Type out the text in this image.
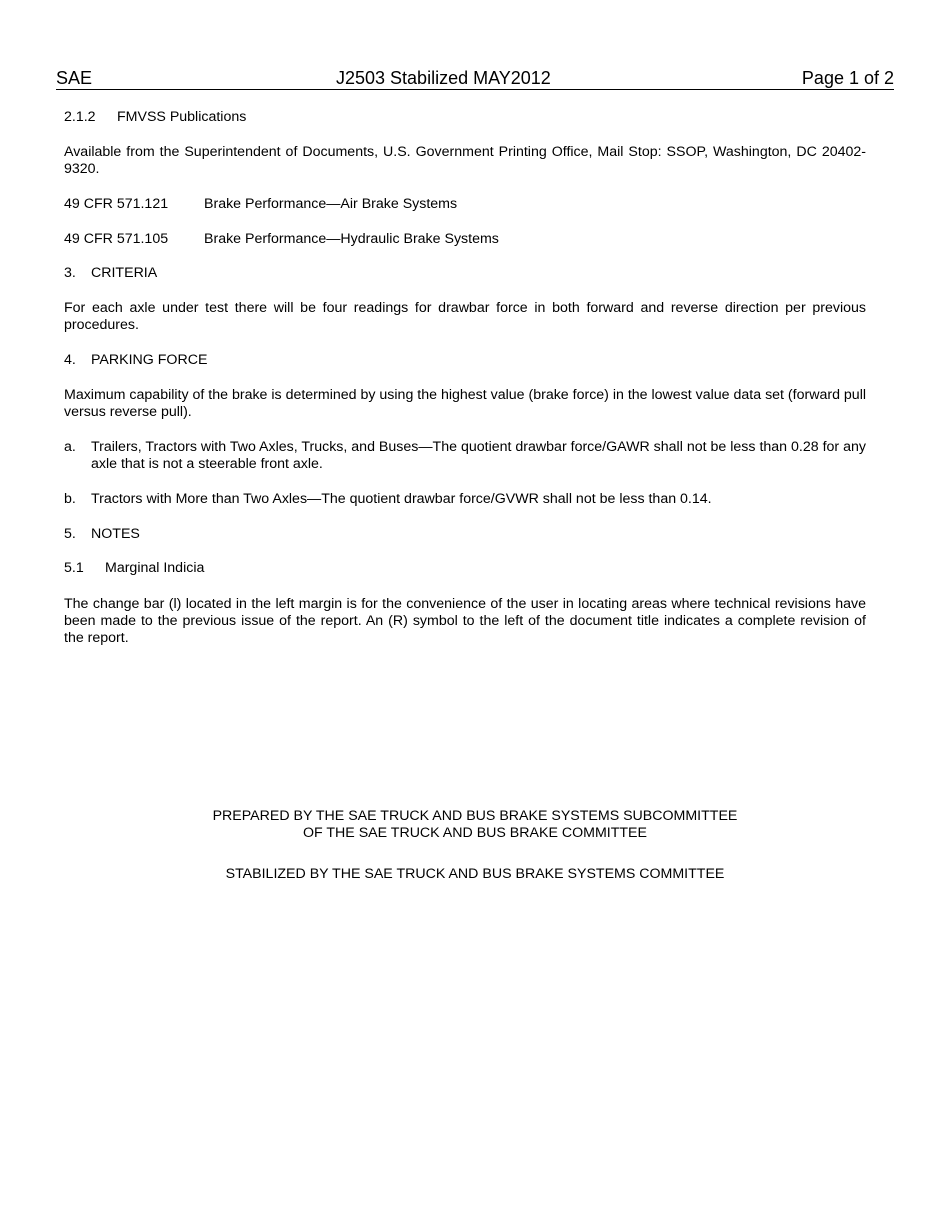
SAE	J2503 Stabilized MAY2012	Page 1 of 2
2.1.2 FMVSS Publications
Available from the Superintendent of Documents, U.S. Government Printing Office, Mail Stop: SSOP, Washington, DC 20402-9320.
49 CFR 571.121	Brake Performance—Air Brake Systems
49 CFR 571.105	Brake Performance—Hydraulic Brake Systems
3. CRITERIA
For each axle under test there will be four readings for drawbar force in both forward and reverse direction per previous procedures.
4. PARKING FORCE
Maximum capability of the brake is determined by using the highest value (brake force) in the lowest value data set (forward pull versus reverse pull).
a. Trailers, Tractors with Two Axles, Trucks, and Buses—The quotient drawbar force/GAWR shall not be less than 0.28 for any axle that is not a steerable front axle.
b. Tractors with More than Two Axles—The quotient drawbar force/GVWR shall not be less than 0.14.
5. NOTES
5.1 Marginal Indicia
The change bar (l) located in the left margin is for the convenience of the user in locating areas where technical revisions have been made to the previous issue of the report. An (R) symbol to the left of the document title indicates a complete revision of the report.
PREPARED BY THE SAE TRUCK AND BUS BRAKE SYSTEMS SUBCOMMITTEE
OF THE SAE TRUCK AND BUS BRAKE COMMITTEE
STABILIZED BY THE SAE TRUCK AND BUS BRAKE SYSTEMS COMMITTEE
